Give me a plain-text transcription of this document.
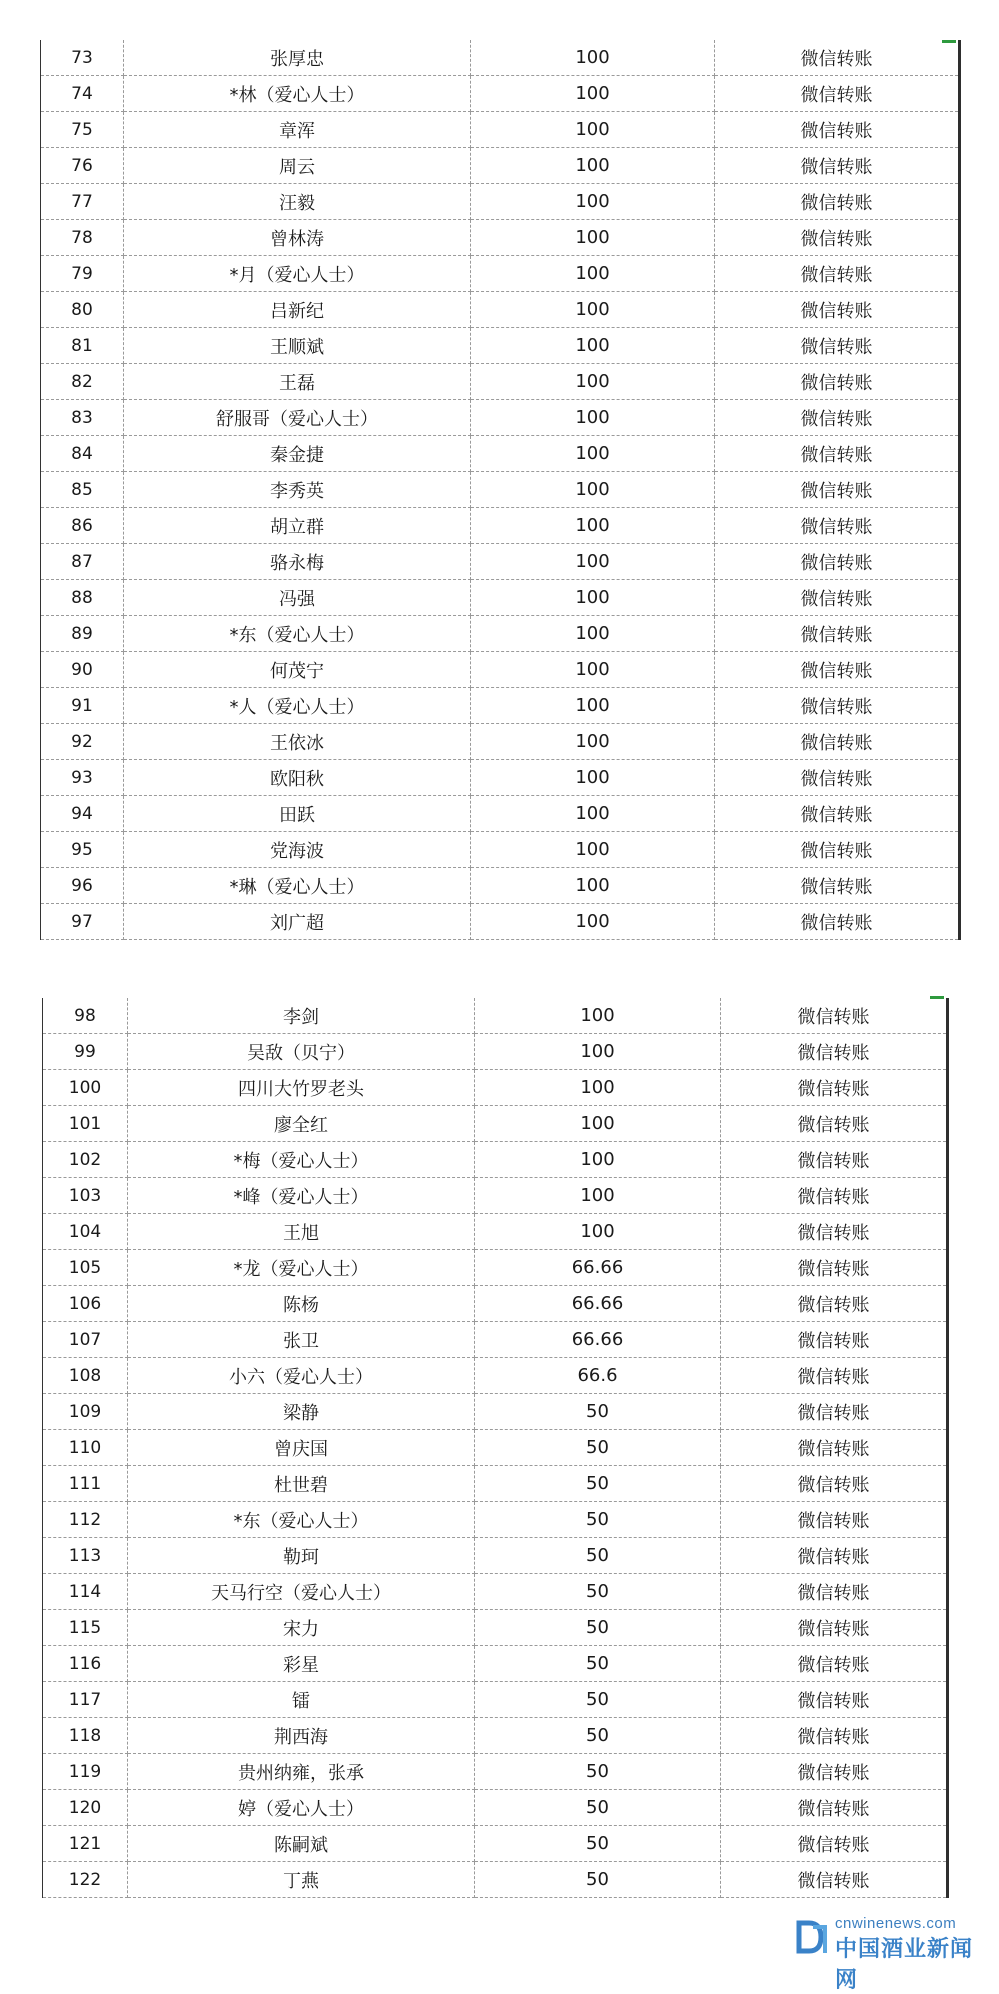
73	张厚忠	100	微信转账
74	*林（爱心人士）	100	微信转账
75	章浑	100	微信转账
76	周云	100	微信转账
77	汪毅	100	微信转账
78	曾林涛	100	微信转账
79	*月（爱心人士）	100	微信转账
80	吕新纪	100	微信转账
81	王顺斌	100	微信转账
82	王磊	100	微信转账
83	舒服哥（爱心人士）	100	微信转账
84	秦金捷	100	微信转账
85	李秀英	100	微信转账
86	胡立群	100	微信转账
87	骆永梅	100	微信转账
88	冯强	100	微信转账
89	*东（爱心人士）	100	微信转账
90	何茂宁	100	微信转账
91	*人（爱心人士）	100	微信转账
92	王依冰	100	微信转账
93	欧阳秋	100	微信转账
94	田跃	100	微信转账
95	党海波	100	微信转账
96	*琳（爱心人士）	100	微信转账
97	刘广超	100	微信转账
98	李剑	100	微信转账
99	吴敌（贝宁）	100	微信转账
100	四川大竹罗老头	100	微信转账
101	廖全红	100	微信转账
102	*梅（爱心人士）	100	微信转账
103	*峰（爱心人士）	100	微信转账
104	王旭	100	微信转账
105	*龙（爱心人士）	66.66	微信转账
106	陈杨	66.66	微信转账
107	张卫	66.66	微信转账
108	小六（爱心人士）	66.6	微信转账
109	梁静	50	微信转账
110	曾庆国	50	微信转账
111	杜世碧	50	微信转账
112	*东（爱心人士）	50	微信转账
113	勒珂	50	微信转账
114	天马行空（爱心人士）	50	微信转账
115	宋力	50	微信转账
116	彩星	50	微信转账
117	镭	50	微信转账
118	荆西海	50	微信转账
119	贵州纳雍，张承	50	微信转账
120	婷（爱心人士）	50	微信转账
121	陈嗣斌	50	微信转账
122	丁燕	50	微信转账
cnwinenews.com
中国酒业新闻网
